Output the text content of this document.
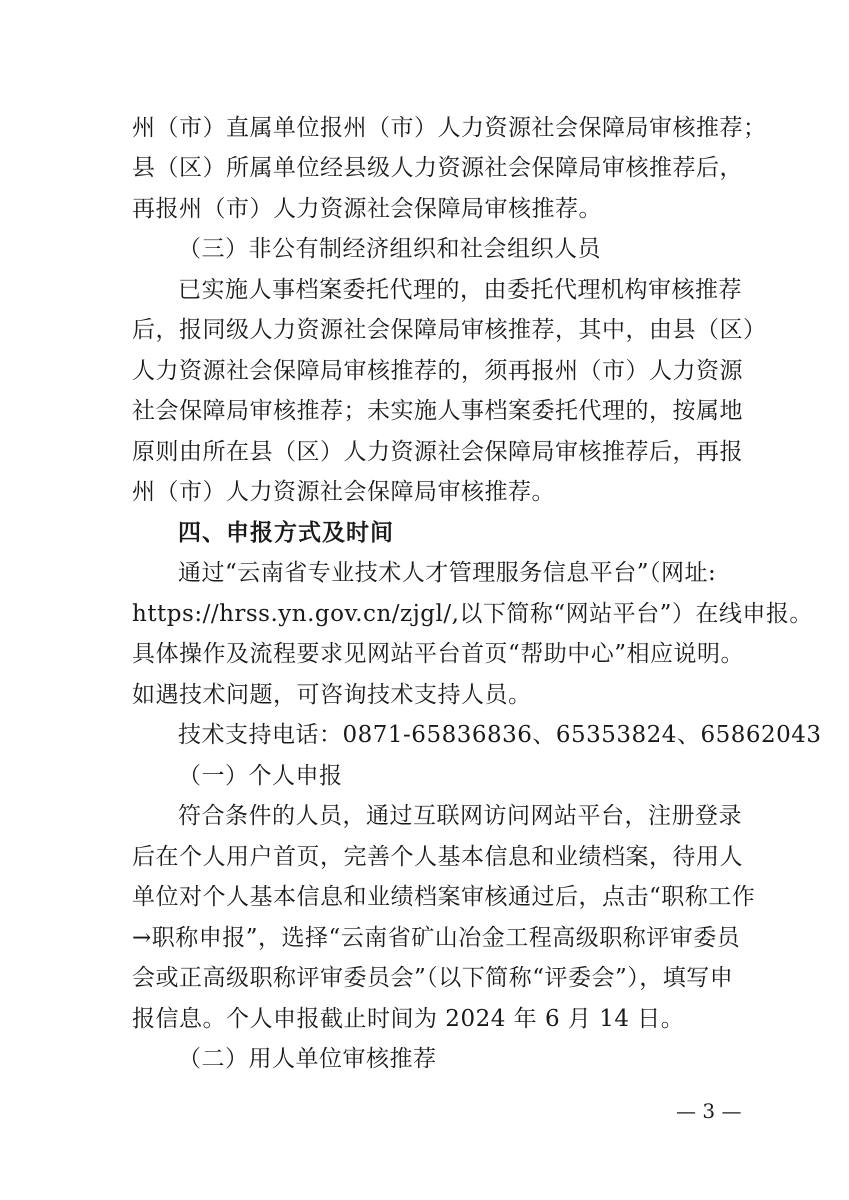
州（市）直属单位报州（市）人力资源社会保障局审核推荐；
县（区）所属单位经县级人力资源社会保障局审核推荐后，
再报州（市）人力资源社会保障局审核推荐。
（三）非公有制经济组织和社会组织人员
已实施人事档案委托代理的，由委托代理机构审核推荐
后，报同级人力资源社会保障局审核推荐，其中，由县（区）
人力资源社会保障局审核推荐的，须再报州（市）人力资源
社会保障局审核推荐；未实施人事档案委托代理的，按属地
原则由所在县（区）人力资源社会保障局审核推荐后，再报
州（市）人力资源社会保障局审核推荐。
四、申报方式及时间
通过“云南省专业技术人才管理服务信息平台”（网址:
https://hrss.yn.gov.cn/zjgl/,以下简称“网站平台”）在线申报。
具体操作及流程要求见网站平台首页“帮助中心”相应说明。
如遇技术问题，可咨询技术支持人员。
技术支持电话：0871-65836836、65353824、65862043
（一）个人申报
符合条件的人员，通过互联网访问网站平台，注册登录
后在个人用户首页，完善个人基本信息和业绩档案，待用人
单位对个人基本信息和业绩档案审核通过后，点击“职称工作
→职称申报”，选择“云南省矿山冶金工程高级职称评审委员
会或正高级职称评审委员会”（以下简称“评委会”），填写申
报信息。个人申报截止时间为 2024 年 6 月 14 日。
（二）用人单位审核推荐
— 3 —
